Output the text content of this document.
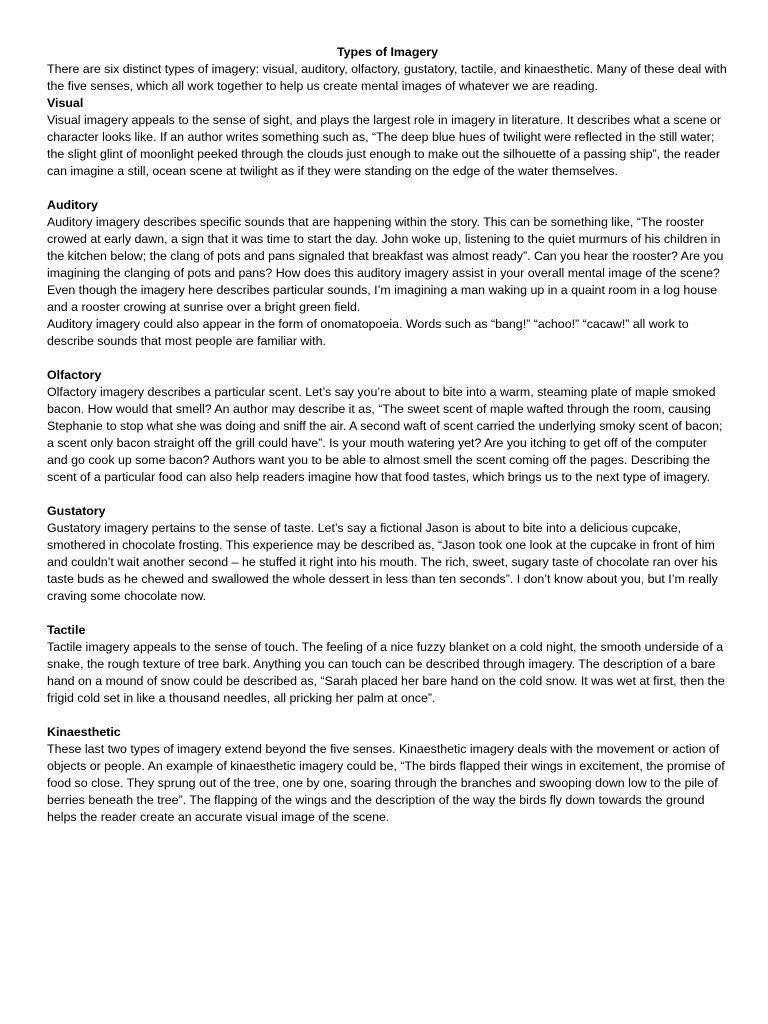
Types of Imagery

There are six distinct types of imagery: visual, auditory, olfactory, gustatory, tactile, and kinaesthetic. Many of these deal with the five senses, which all work together to help us create mental images of whatever we are reading.

Visual

Visual imagery appeals to the sense of sight, and plays the largest role in imagery in literature. It describes what a scene or character looks like. If an author writes something such as, “The deep blue hues of twilight were reflected in the still water; the slight glint of moonlight peeked through the clouds just enough to make out the silhouette of a passing ship”, the reader can imagine a still, ocean scene at twilight as if they were standing on the edge of the water themselves.

Auditory

Auditory imagery describes specific sounds that are happening within the story. This can be something like, “The rooster crowed at early dawn, a sign that it was time to start the day. John woke up, listening to the quiet murmurs of his children in the kitchen below; the clang of pots and pans signaled that breakfast was almost ready”. Can you hear the rooster? Are you imagining the clanging of pots and pans? How does this auditory imagery assist in your overall mental image of the scene? Even though the imagery here describes particular sounds, I’m imagining a man waking up in a quaint room in a log house and a rooster crowing at sunrise over a bright green field.

Auditory imagery could also appear in the form of onomatopoeia. Words such as “bang!” “achoo!” “cacaw!” all work to describe sounds that most people are familiar with.

Olfactory

Olfactory imagery describes a particular scent. Let’s say you’re about to bite into a warm, steaming plate of maple smoked bacon. How would that smell? An author may describe it as, “The sweet scent of maple wafted through the room, causing Stephanie to stop what she was doing and sniff the air. A second waft of scent carried the underlying smoky scent of bacon; a scent only bacon straight off the grill could have”. Is your mouth watering yet? Are you itching to get off of the computer and go cook up some bacon? Authors want you to be able to almost smell the scent coming off the pages. Describing the scent of a particular food can also help readers imagine how that food tastes, which brings us to the next type of imagery.

Gustatory

Gustatory imagery pertains to the sense of taste. Let’s say a fictional Jason is about to bite into a delicious cupcake, smothered in chocolate frosting. This experience may be described as, “Jason took one look at the cupcake in front of him and couldn’t wait another second – he stuffed it right into his mouth. The rich, sweet, sugary taste of chocolate ran over his taste buds as he chewed and swallowed the whole dessert in less than ten seconds”. I don’t know about you, but I’m really craving some chocolate now.

Tactile

Tactile imagery appeals to the sense of touch. The feeling of a nice fuzzy blanket on a cold night, the smooth underside of a snake, the rough texture of tree bark. Anything you can touch can be described through imagery. The description of a bare hand on a mound of snow could be described as, “Sarah placed her bare hand on the cold snow. It was wet at first, then the frigid cold set in like a thousand needles, all pricking her palm at once”.

Kinaesthetic

These last two types of imagery extend beyond the five senses. Kinaesthetic imagery deals with the movement or action of objects or people. An example of kinaesthetic imagery could be, “The birds flapped their wings in excitement, the promise of food so close. They sprung out of the tree, one by one, soaring through the branches and swooping down low to the pile of berries beneath the tree”. The flapping of the wings and the description of the way the birds fly down towards the ground helps the reader create an accurate visual image of the scene.
